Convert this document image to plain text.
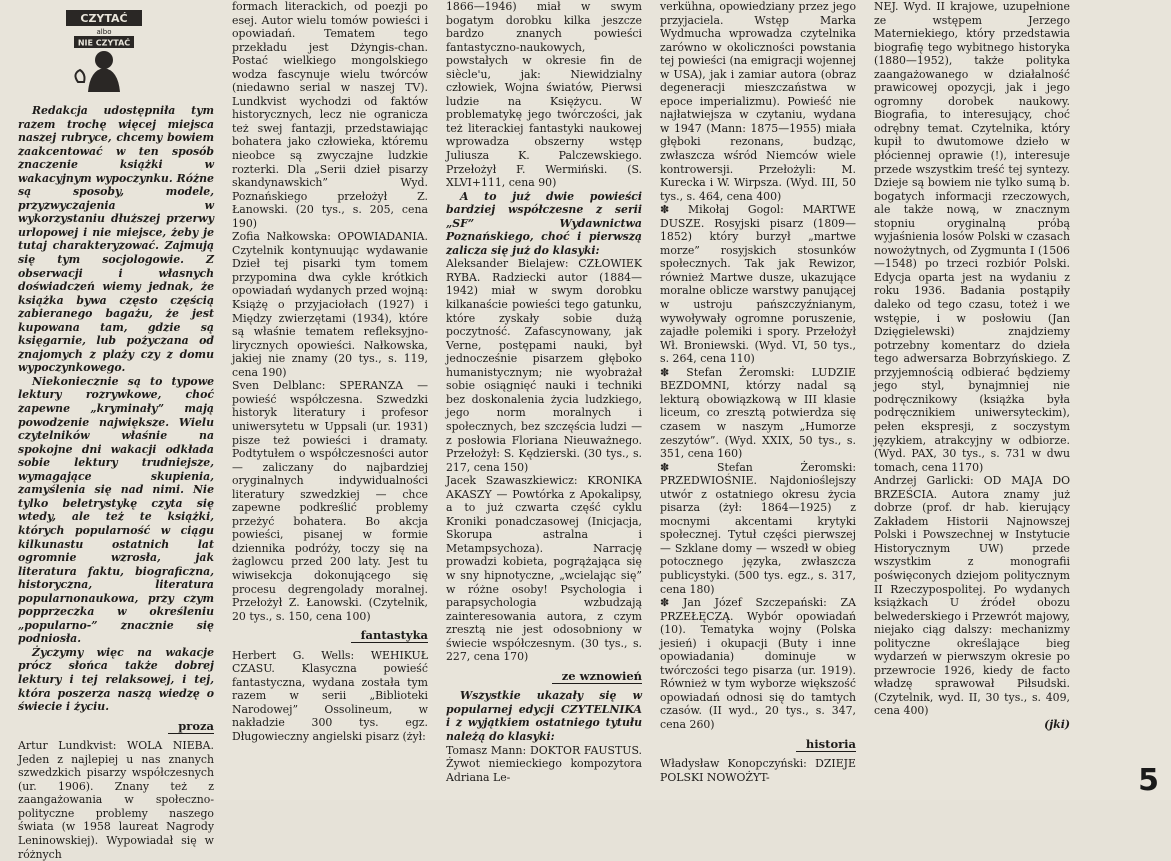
CZYTAĆ
albo
NIE CZYTAĆ

Redakcja udostępniła tym razem trochę więcej miejsca naszej rubryce, chcemy bowiem zaakcentować w ten sposób znaczenie książki w wakacyjnym wypoczynku. Różne są sposoby, modele, przyzwyczajenia w wykorzystaniu dłuższej przerwy urlopowej i nie miejsce, żeby je tutaj charakteryzować. Zajmują się tym socjologowie. Z obserwacji i własnych doświadczeń wiemy jednak, że książka bywa często częścią zabieranego bagażu, że jest kupowana tam, gdzie są księgarnie, lub pożyczana od znajomych z plaży czy z domu wypoczynkowego.

Niekoniecznie są to typowe lektury rozrywkowe, choć zapewne „kryminały” mają powodzenie największe. Wielu czytelników właśnie na spokojne dni wakacji odkłada sobie lektury trudniejsze, wymagające skupienia, zamyślenia się nad nimi. Nie tylko beletrystykę czyta się wtedy, ale też te książki, których popularność w ciągu kilkunastu ostatnich lat ogromnie wzrosła, jak literatura faktu, biograficzna, historyczna, literatura popularnonaukowa, przy czym popprzeczka w określeniu „popularno-” znacznie się podniosła.

Życzymy więc na wakacje prócz słońca także dobrej lektury i tej relaksowej, i tej, która poszerza naszą wiedzę o świecie i życiu.

proza

Artur Lundkvist: WOLA NIEBA. Jeden z najlepiej u nas znanych szwedzkich pisarzy współczesnych (ur. 1906). Znany też z zaangażowania w społeczno-polityczne problemy naszego świata (w 1958 laureat Nagrody Leninowskiej). Wypowiadał się w różnych

formach literackich, od poezji po esej. Autor wielu tomów powieści i opowiadań. Tematem tego przekładu jest Dżyngis-chan. Postać wielkiego mongolskiego wodza fascynuje wielu twórców (niedawno serial w naszej TV). Lundkvist wychodzi od faktów historycznych, lecz nie ogranicza też swej fantazji, przedstawiając bohatera jako człowieka, któremu nieobce są zwyczajne ludzkie rozterki. Dla „Serii dzieł pisarzy skandynawskich” Wyd. Poznańskiego przełożył Z. Łanowski. (20 tys., s. 205, cena 190)

Zofia Nałkowska: OPOWIADANIA. Czytelnik kontynuując wydawanie Dzieł tej pisarki tym tomem przypomina dwa cykle krótkich opowiadań wydanych przed wojną: Książę o przyjaciołach (1927) i Między zwierzętami (1934), które są właśnie tematem refleksyjno-lirycznych opowieści. Nałkowska, jakiej nie znamy (20 tys., s. 119, cena 190)

Sven Delblanc: SPERANZA — powieść współczesna. Szwedzki historyk literatury i profesor uniwersytetu w Uppsali (ur. 1931) pisze też powieści i dramaty. Podtytułem o współczesności autor — zaliczany do najbardziej oryginalnych indywidualności literatury szwedzkiej — chce zapewne podkreślić problemy przeżyć bohatera. Bo akcja powieści, pisanej w formie dziennika podróży, toczy się na żaglowcu przed 200 laty. Jest tu wiwisekcja dokonującego się procesu degrengolady moralnej. Przełożył Z. Łanowski. (Czytelnik, 20 tys., s. 150, cena 100)

fantastyka

Herbert G. Wells: WEHIKUŁ CZASU. Klasyczna powieść fantastyczna, wydana została tym razem w serii „Biblioteki Narodowej” Ossolineum, w nakładzie 300 tys. egz. Długowieczny angielski pisarz (żył:

1866—1946) miał w swym bogatym dorobku kilka jeszcze bardzo znanych powieści fantastyczno-naukowych, powstałych w okresie fin de siècle'u, jak: Niewidzialny człowiek, Wojna światów, Pierwsi ludzie na Księżycu. W problematykę jego twórczości, jak też literackiej fantastyki naukowej wprowadza obszerny wstęp Juliusza K. Palczewskiego. Przełożył F. Wermiński. (S. XLVI+111, cena 90)

A to już dwie powieści bardziej współczesne z serii „SF” Wydawnictwa Poznańskiego, choć i pierwszą zalicza się już do klasyki:

Aleksander Bielajew: CZŁOWIEK RYBA. Radziecki autor (1884—1942) miał w swym dorobku kilkanaście powieści tego gatunku, które zyskały sobie dużą poczytność. Zafascynowany, jak Verne, postępami nauki, był jednocześnie pisarzem głęboko humanistycznym; nie wyobrażał sobie osiągnięć nauki i techniki bez doskonalenia życia ludzkiego, jego norm moralnych i społecznych, bez szczęścia ludzi — z posłowia Floriana Nieuważnego. Przełożył: S. Kędzierski. (30 tys., s. 217, cena 150)

Jacek Szawaszkiewicz: KRONIKA AKASZY — Powtórka z Apokalipsy, a to już czwarta część cyklu Kroniki ponadczasowej (Inicjacja, Skorupa astralna i Metampsychoza). Narrację prowadzi kobieta, pogrążająca się w sny hipnotyczne, „wcielając się” w różne osoby! Psychologia i parapsychologia wzbudzają zainteresowania autora, z czym zresztą nie jest odosobniony w świecie współczesnym. (30 tys., s. 227, cena 170)

ze wznowień

Wszystkie ukazały się w popularnej edycji CZYTELNIKA i z wyjątkiem ostatniego tytułu należą do klasyki:

Tomasz Mann: DOKTOR FAUSTUS. Żywot niemieckiego kompozytora Adriana Le-

verkühna, opowiedziany przez jego przyjaciela. Wstęp Marka Wydmucha wprowadza czytelnika zarówno w okoliczności powstania tej powieści (na emigracji wojennej w USA), jak i zamiar autora (obraz degeneracji mieszczaństwa w epoce imperializmu). Powieść nie najłatwiejsza w czytaniu, wydana w 1947 (Mann: 1875—1955) miała głęboki rezonans, budząc, zwłaszcza wśród Niemców wiele kontrowersji. Przełożyli: M. Kurecka i W. Wirpsza. (Wyd. III, 50 tys., s. 464, cena 400)

✽ Mikołaj Gogol: MARTWE DUSZE. Rosyjski pisarz (1809—1852) który burzył „martwe morze” rosyjskich stosunków społecznych. Tak jak Rewizor, również Martwe dusze, ukazujące moralne oblicze warstwy panującej w ustroju pańszczyźnianym, wywoływały ogromne poruszenie, zajadłe polemiki i spory. Przełożył Wł. Broniewski. (Wyd. VI, 50 tys., s. 264, cena 110)

✽ Stefan Żeromski: LUDZIE BEZDOMNI, którzy nadal są lekturą obowiązkową w III klasie liceum, co zresztą potwierdza się czasem w naszym „Humorze zeszytów”. (Wyd. XXIX, 50 tys., s. 351, cena 160)

✽ Stefan Żeromski: PRZEDWIOŚNIE. Najdonioślejszy utwór z ostatniego okresu życia pisarza (żył: 1864—1925) z mocnymi akcentami krytyki społecznej. Tytuł części pierwszej — Szklane domy — wszedł w obieg potocznego języka, zwłaszcza publicystyki. (500 tys. egz., s. 317, cena 180)

✽ Jan Józef Szczepański: ZA PRZEŁĘCZĄ. Wybór opowiadań (10). Tematyka wojny (Polska jesień) i okupacji (Buty i inne opowiadania) dominuje w twórczości tego pisarza (ur. 1919). Również w tym wyborze większość opowiadań odnosi się do tamtych czasów. (II wyd., 20 tys., s. 347, cena 260)

historia

Władysław Konopczyński: DZIEJE POLSKI NOWOŻYT-

NEJ. Wyd. II krajowe, uzupełnione ze wstępem Jerzego Materniekiego, który przedstawia biografię tego wybitnego historyka (1880—1952), także politykа zaangażowanego w działalność prawicowej opozycji, jak i jego ogromny dorobek naukowy. Biografia, to interesujący, choć odrębny temat. Czytelnika, który kupił to dwutomowe dzieło w płóciennej oprawie (!), interesuje przede wszystkim treść tej syntezy. Dzieje są bowiem nie tylko sumą b. bogatych informacji rzeczowych, ale także nową, w znacznym stopniu oryginalną próbą wyjaśnienia losów Polski w czasach nowożytnych, od Zygmunta I (1506—1548) po trzeci rozbiór Polski. Edycja oparta jest na wydaniu z roku 1936. Badania postąpiły daleko od tego czasu, toteż i we wstępie, i w posłowiu (Jan Dzięgielewski) znajdziemy potrzebny komentarz do dzieła tego adwersarza Bobrzyńskiego. Z przyjemnością odbierać będziemy jego styl, bynajmniej nie podręcznikowy (książka była podręcznikiem uniwersyteckim), pełen ekspresji, z soczystym językiem, atrakcyjny w odbiorze. (Wyd. PAX, 30 tys., s. 731 w dwu tomach, cena 1170)

Andrzej Garlicki: OD MAJA DO BRZEŚCIA. Autora znamy już dobrze (prof. dr hab. kierujący Zakładem Historii Najnowszej Polski i Powszechnej w Instytucie Historycznym UW) przede wszystkim z monografii poświęconych dziejom politycznym II Rzeczypospolitej. Po wydanych książkach U źródeł obozu belwederskiego i Przewrót majowy, niejako ciąg dalszy: mechanizmy polityczne określające bieg wydarzeń w pierwszym okresie po przewrocie 1926, kiedy de facto władzę sprawował Piłsudski. (Czytelnik, wyd. II, 30 tys., s. 409, cena 400)

(jki)

5
